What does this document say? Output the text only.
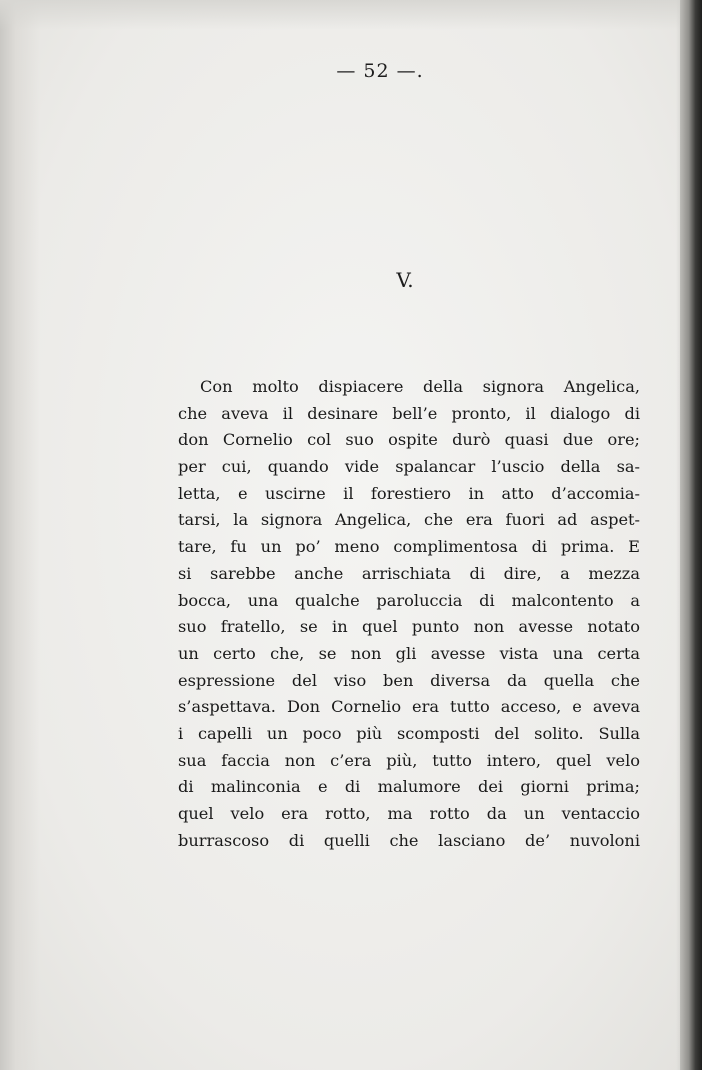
— 52 —.
V.

Con molto dispiacere della signora Angelica,
che aveva il desinare bell’e pronto, il dialogo di
don Cornelio col suo ospite durò quasi due ore;
per cui, quando vide spalancar l’uscio della sa-
letta, e uscirne il forestiero in atto d’accomia-
tarsi, la signora Angelica, che era fuori ad aspet-
tare, fu un po’ meno complimentosa di prima. E
si sarebbe anche arrischiata di dire, a mezza
bocca, una qualche paroluccia di malcontento a
suo fratello, se in quel punto non avesse notato
un certo che, se non gli avesse vista una certa
espressione del viso ben diversa da quella che
s’aspettava. Don Cornelio era tutto acceso, e aveva
i capelli un poco più scomposti del solito. Sulla
sua faccia non c’era più, tutto intero, quel velo
di malinconia e di malumore dei giorni prima;
quel velo era rotto, ma rotto da un ventaccio
burrascoso di quelli che lasciano de’ nuvoloni
